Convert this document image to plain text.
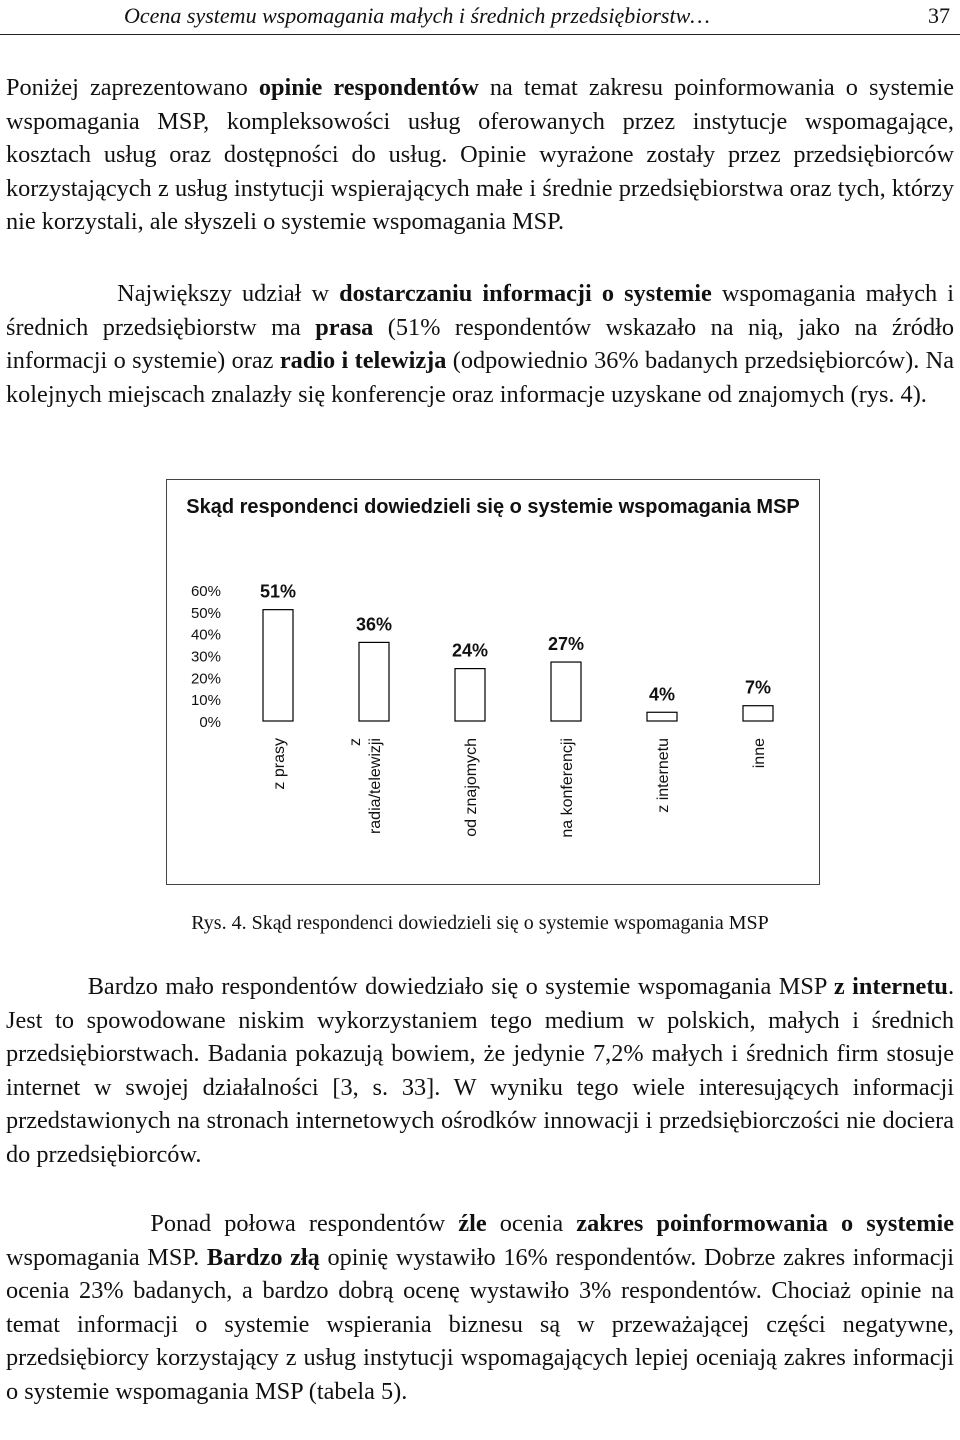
Ocena systemu wspomagania małych i średnich przedsiębiorstw…	37

Poniżej zaprezentowano opinie respondentów na temat zakresu poinformowania o systemie wspomagania MSP, kompleksowości usług oferowanych przez instytucje wspomagające, kosztach usług oraz dostępności do usług. Opinie wyrażone zostały przez przedsiębiorców korzystających z usług instytucji wspierających małe i średnie przedsiębiorstwa oraz tych, którzy nie korzystali, ale słyszeli o systemie wspomagania MSP.

Największy udział w dostarczaniu informacji o systemie wspomagania małych i średnich przedsiębiorstw ma prasa (51% respondentów wskazało na nią, jako na źródło informacji o systemie) oraz radio i telewizja (odpowiednio 36% badanych przedsiębiorców). Na kolejnych miejscach znalazły się konferencje oraz informacje uzyskane od znajomych (rys. 4).

Skąd respondenci dowiedzieli się o systemie wspomagania MSP
0%
10%
20%
30%
40%
50%
60% 51%
z prasy
36%
z radia/telewizji
24%
od znajomych
27%
na konferencji
4%
z internetu
7%
inne
Rys. 4. Skąd respondenci dowiedzieli się o systemie wspomagania MSP

Bardzo mało respondentów dowiedziało się o systemie wspomagania MSP z internetu. Jest to spowodowane niskim wykorzystaniem tego medium w polskich, małych i średnich przedsiębiorstwach. Badania pokazują bowiem, że jedynie 7,2% małych i średnich firm stosuje internet w swojej działalności [3, s. 33]. W wyniku tego wiele interesujących informacji przedstawionych na stronach internetowych ośrodków innowacji i przedsiębiorczości nie dociera do przedsiębiorców.

Ponad połowa respondentów źle ocenia zakres poinformowania o systemie wspomagania MSP. Bardzo złą opinię wystawiło 16% respondentów. Dobrze zakres informacji ocenia 23% badanych, a bardzo dobrą ocenę wystawiło 3% respondentów. Chociaż opinie na temat informacji o systemie wspierania biznesu są w przeważającej części negatywne, przedsiębiorcy korzystający z usług instytucji wspomagających lepiej oceniają zakres informacji o systemie wspomagania MSP (tabela 5).
